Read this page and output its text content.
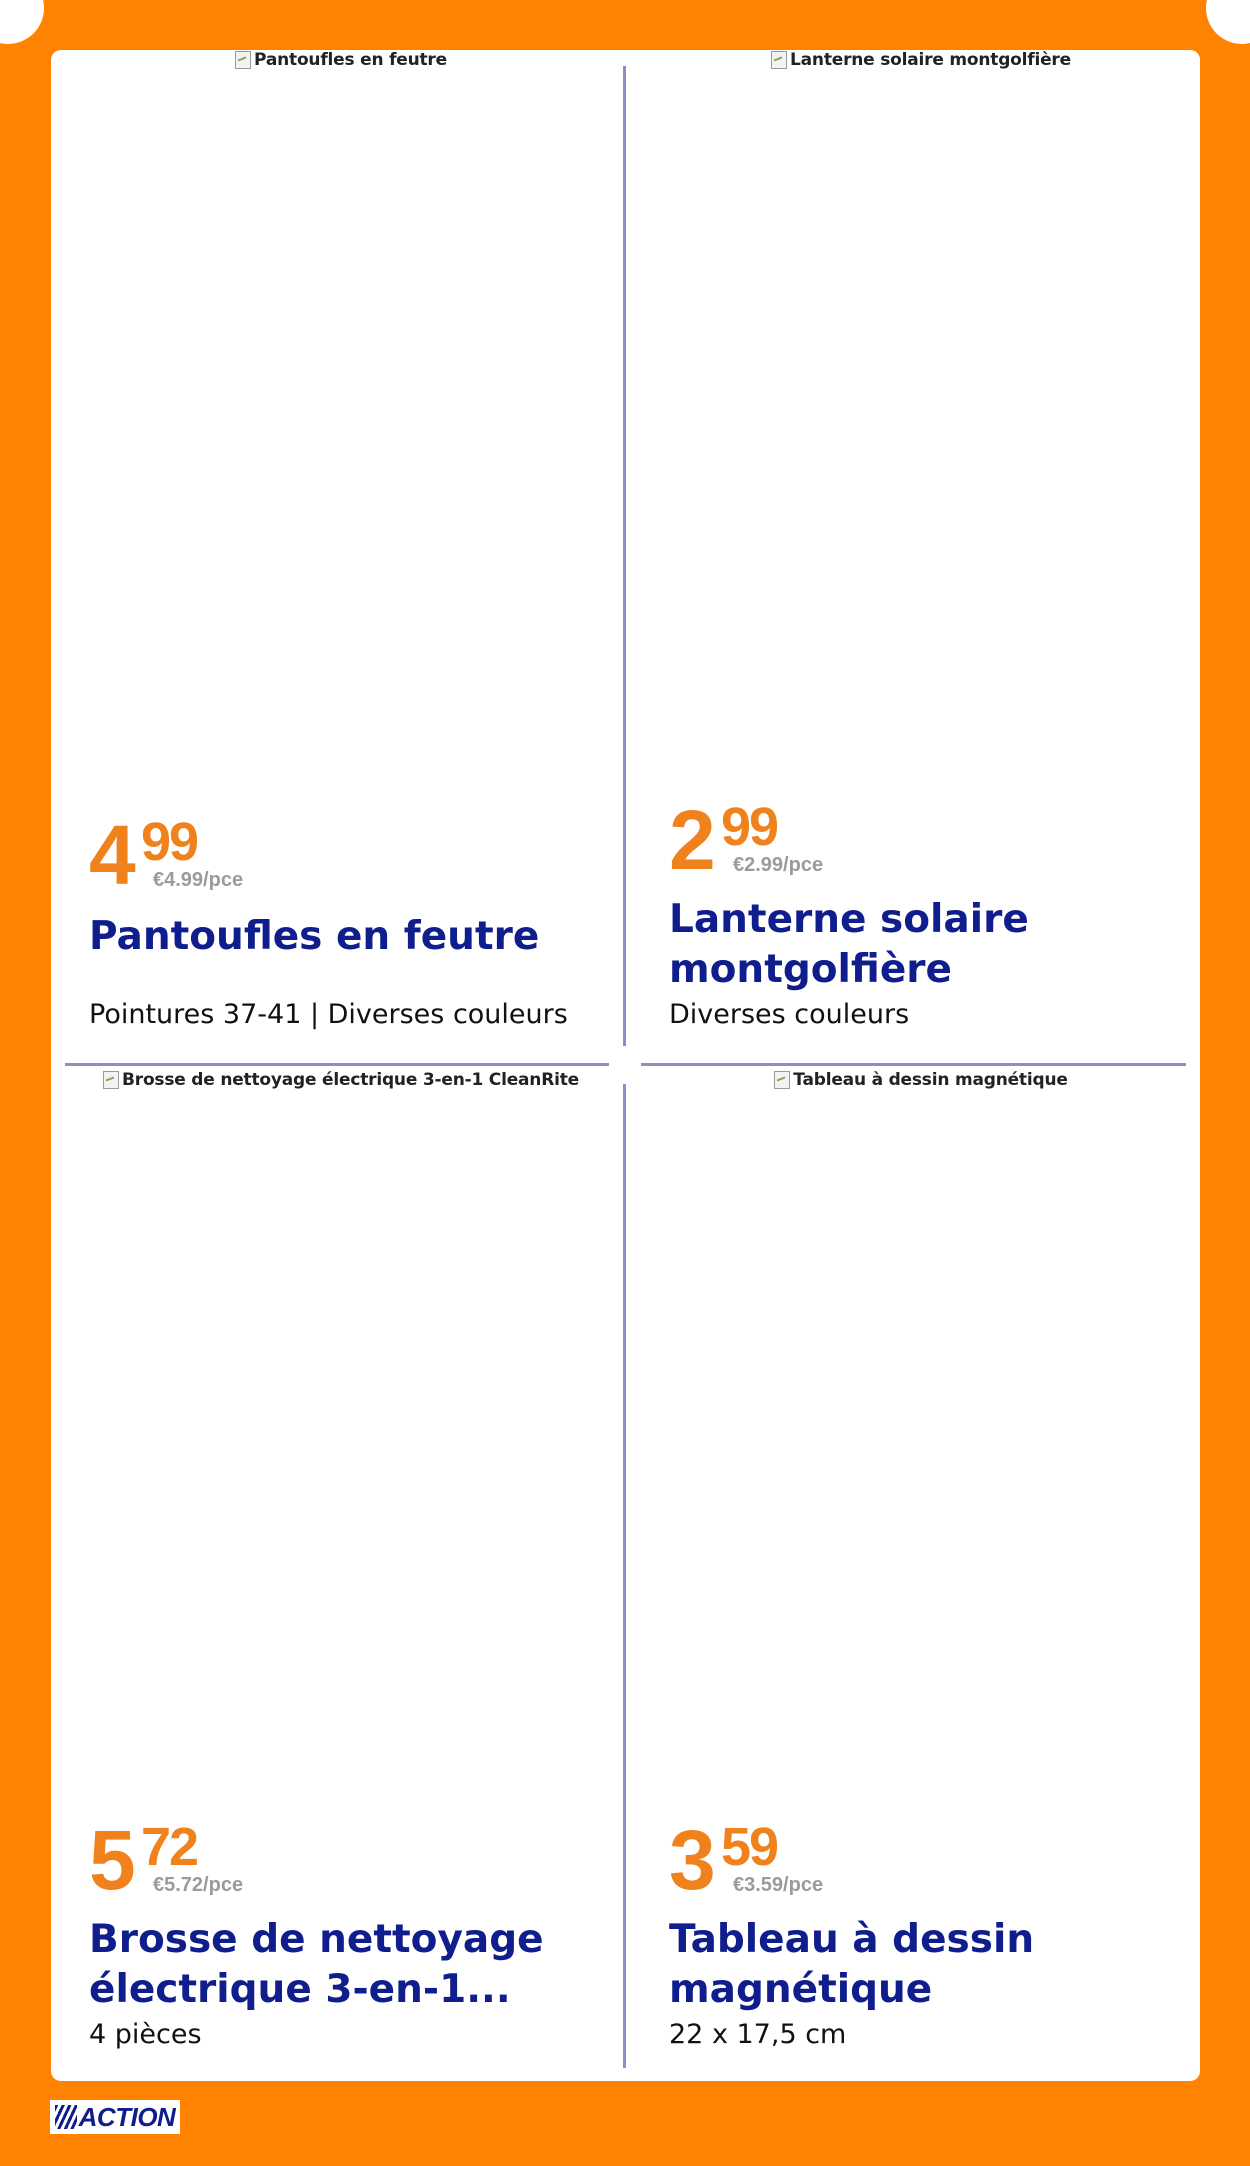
Pantoufles en feutre
4 99
€4.99/pce
Pantoufles en feutre
Pointures 37-41 | Diverses couleurs
Lanterne solaire montgolfière
2 99
€2.99/pce
Lanterne solaire montgolfière
Diverses couleurs
Brosse de nettoyage électrique 3-en-1 CleanRite
5 72
€5.72/pce
Brosse de nettoyage électrique 3-en-1...
4 pièces
Tableau à dessin magnétique
3 59
€3.59/pce
Tableau à dessin magnétique
22 x 17,5 cm
ACTION
